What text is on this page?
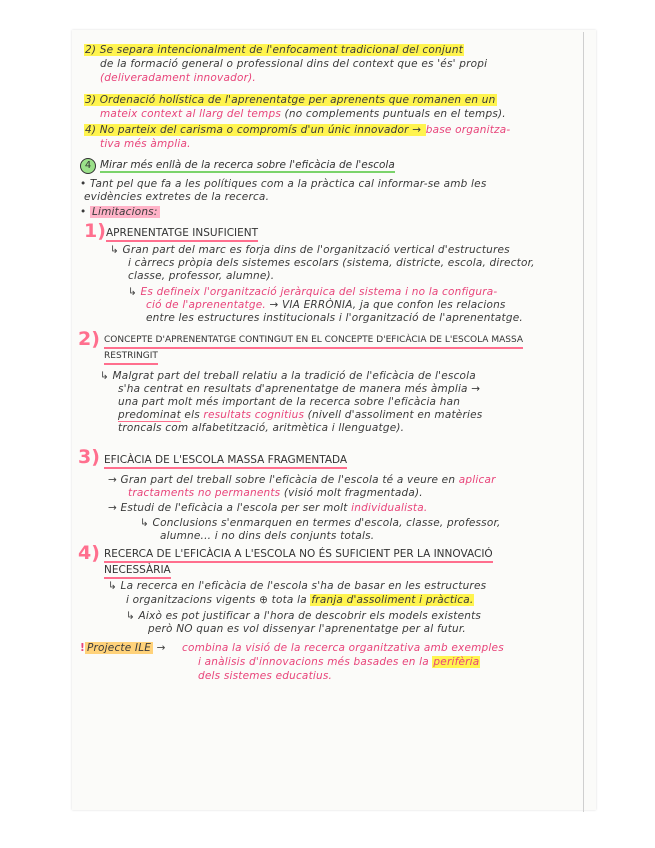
2) Se separa intencionalment de l'enfocament tradicional del conjunt
de la formació general o professional dins del context que es 'és' propi
(deliveradament innovador).
3) Ordenació holística de l'aprenentatge per aprenents que romanen en un
mateix context al llarg del temps (no complements puntuals en el temps).
4) No parteix del carisma o compromís d'un únic innovador → base organitza-
tiva més àmplia.
4 Mirar més enllà de la recerca sobre l'eficàcia de l'escola
• Tant pel que fa a les polítiques com a la pràctica cal informar-se amb les
evidències extretes de la recerca.
• Limitacions:
1) APRENENTATGE INSUFICIENT
↳ Gran part del marc es forja dins de l'organització vertical d'estructures
i càrrecs pròpia dels sistemes escolars (sistema, districte, escola, director,
classe, professor, alumne).
↳ Es defineix l'organització jeràrquica del sistema i no la configura-
ció de l'aprenentatge. → VIA ERRÒNIA, ja que confon les relacions
entre les estructures institucionals i l'organització de l'aprenentatge.
2) CONCEPTE D'APRENENTATGE CONTINGUT EN EL CONCEPTE D'EFICÀCIA DE L'ESCOLA MASSA
RESTRINGIT
↳ Malgrat part del treball relatiu a la tradició de l'eficàcia de l'escola
s'ha centrat en resultats d'aprenentatge de manera més àmplia →
una part molt més important de la recerca sobre l'eficàcia han
predominat els resultats cognitius (nivell d'assoliment en matèries
troncals com alfabetització, aritmètica i llenguatge).
3) EFICÀCIA DE L'ESCOLA MASSA FRAGMENTADA
→ Gran part del treball sobre l'eficàcia de l'escola té a veure en aplicar
tractaments no permanents (visió molt fragmentada).
→ Estudi de l'eficàcia a l'escola per ser molt individualista.
↳ Conclusions s'enmarquen en termes d'escola, classe, professor,
alumne... i no dins dels conjunts totals.
4) RECERCA DE L'EFICÀCIA A L'ESCOLA NO ÉS SUFICIENT PER LA INNOVACIÓ
NECESSÀRIA
↳ La recerca en l'eficàcia de l'escola s'ha de basar en les estructures
i organitzacions vigents ⊕ tota la franja d'assoliment i pràctica.
↳ Això es pot justificar a l'hora de descobrir els models existents
però NO quan es vol dissenyar l'aprenentatge per al futur.
! Projecte ILE → combina la visió de la recerca organitzativa amb exemples
i anàlisis d'innovacions més basades en la perifèria
dels sistemes educatius.
